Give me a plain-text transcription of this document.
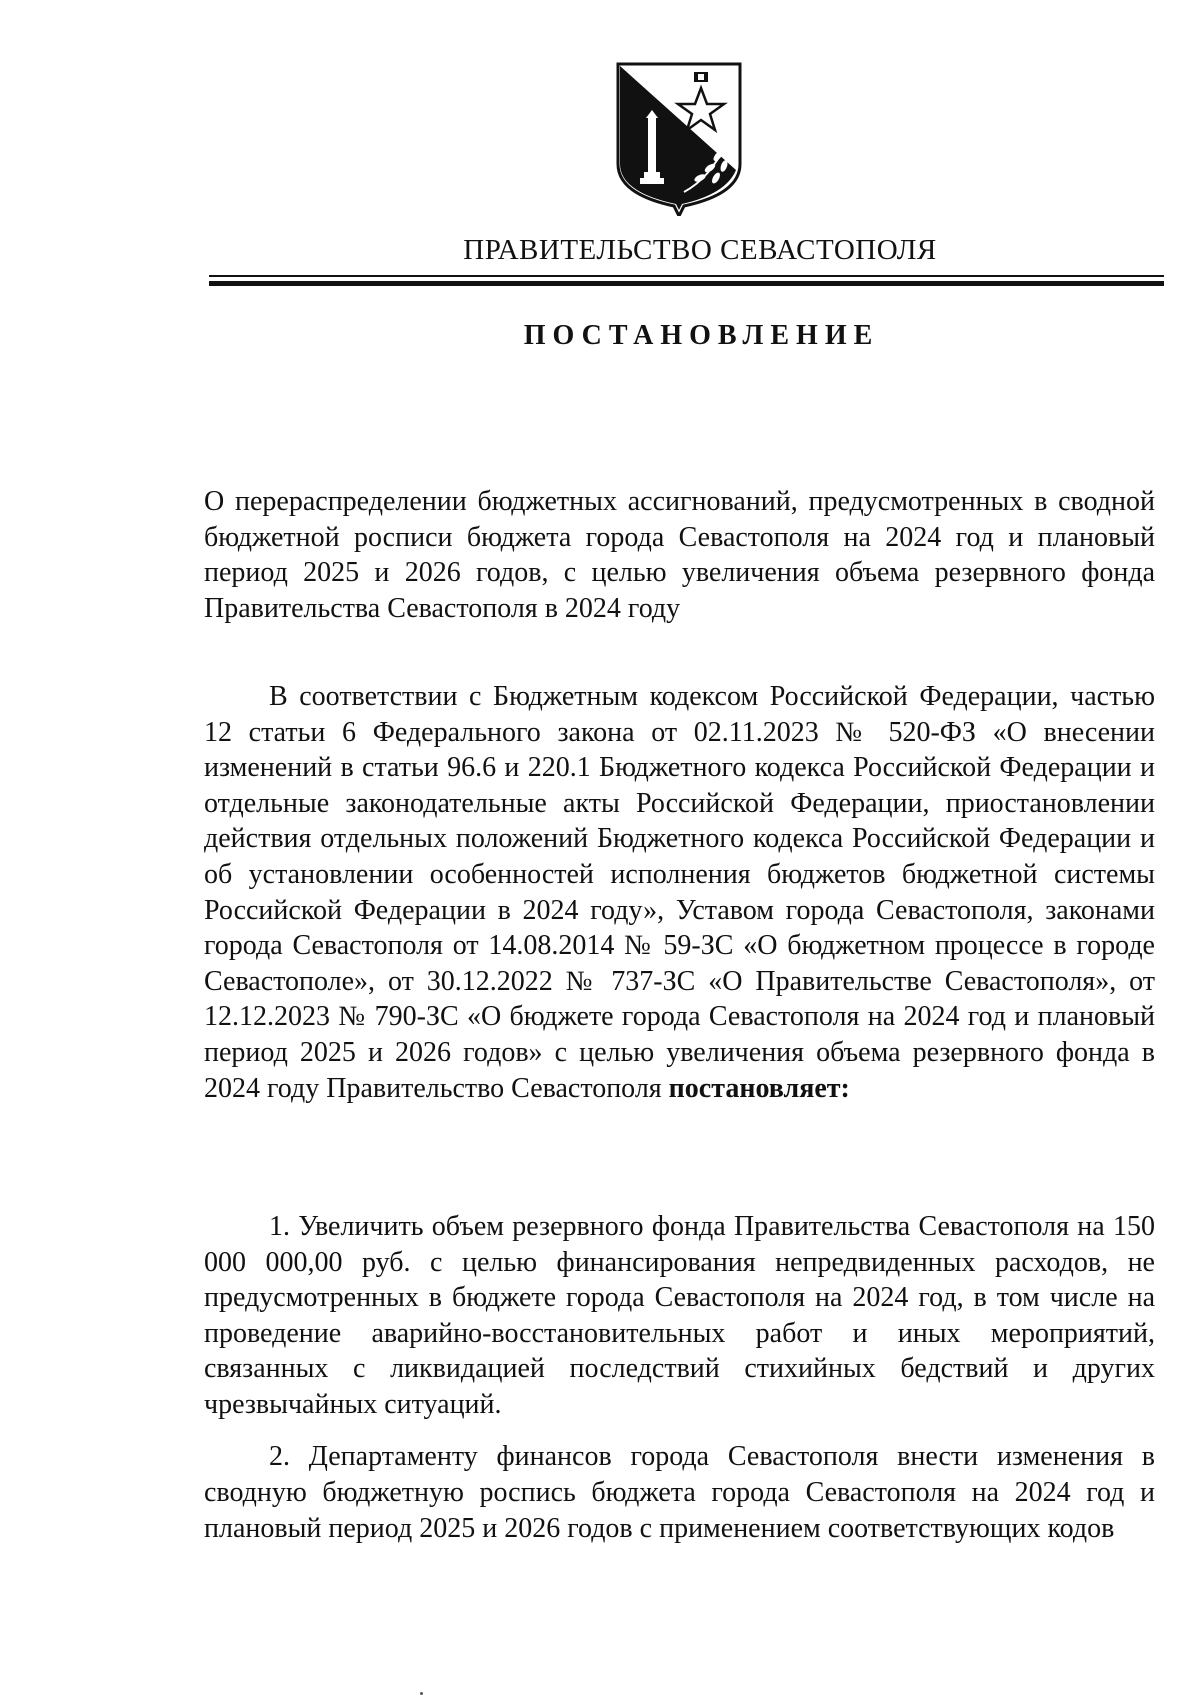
ПРАВИТЕЛЬСТВО СЕВАСТОПОЛЯ
ПОСТАНОВЛЕНИЕ
О перераспределении бюджетных ассигнований, предусмотренных в сводной бюджетной росписи бюджета города Севастополя на 2024 год и плановый период 2025 и 2026 годов, с целью увеличения объема резервного фонда Правительства Севастополя в 2024 году
В соответствии с Бюджетным кодексом Российской Федерации, частью 12 статьи 6 Федерального закона от 02.11.2023 № 520-ФЗ «О внесении изменений в статьи 96.6 и 220.1 Бюджетного кодекса Российской Федерации и отдельные законодательные акты Российской Федерации, приостановлении действия отдельных положений Бюджетного кодекса Российской Федерации и об установлении особенностей исполнения бюджетов бюджетной системы Российской Федерации в 2024 году», Уставом города Севастополя, законами города Севастополя от 14.08.2014 № 59-ЗС «О бюджетном процессе в городе Севастополе», от 30.12.2022 № 737-ЗС «О Правительстве Севастополя», от 12.12.2023 № 790-ЗС «О бюджете города Севастополя на 2024 год и плановый период 2025 и 2026 годов» с целью увеличения объема резервного фонда в 2024 году Правительство Севастополя постановляет:
1. Увеличить объем резервного фонда Правительства Севастополя на 150 000 000,00 руб. с целью финансирования непредвиденных расходов, не предусмотренных в бюджете города Севастополя на 2024 год, в том числе на проведение аварийно-восстановительных работ и иных мероприятий, связанных с ликвидацией последствий стихийных бедствий и других чрезвычайных ситуаций.
2. Департаменту финансов города Севастополя внести изменения в сводную бюджетную роспись бюджета города Севастополя на 2024 год и плановый период 2025 и 2026 годов с применением соответствующих кодов
